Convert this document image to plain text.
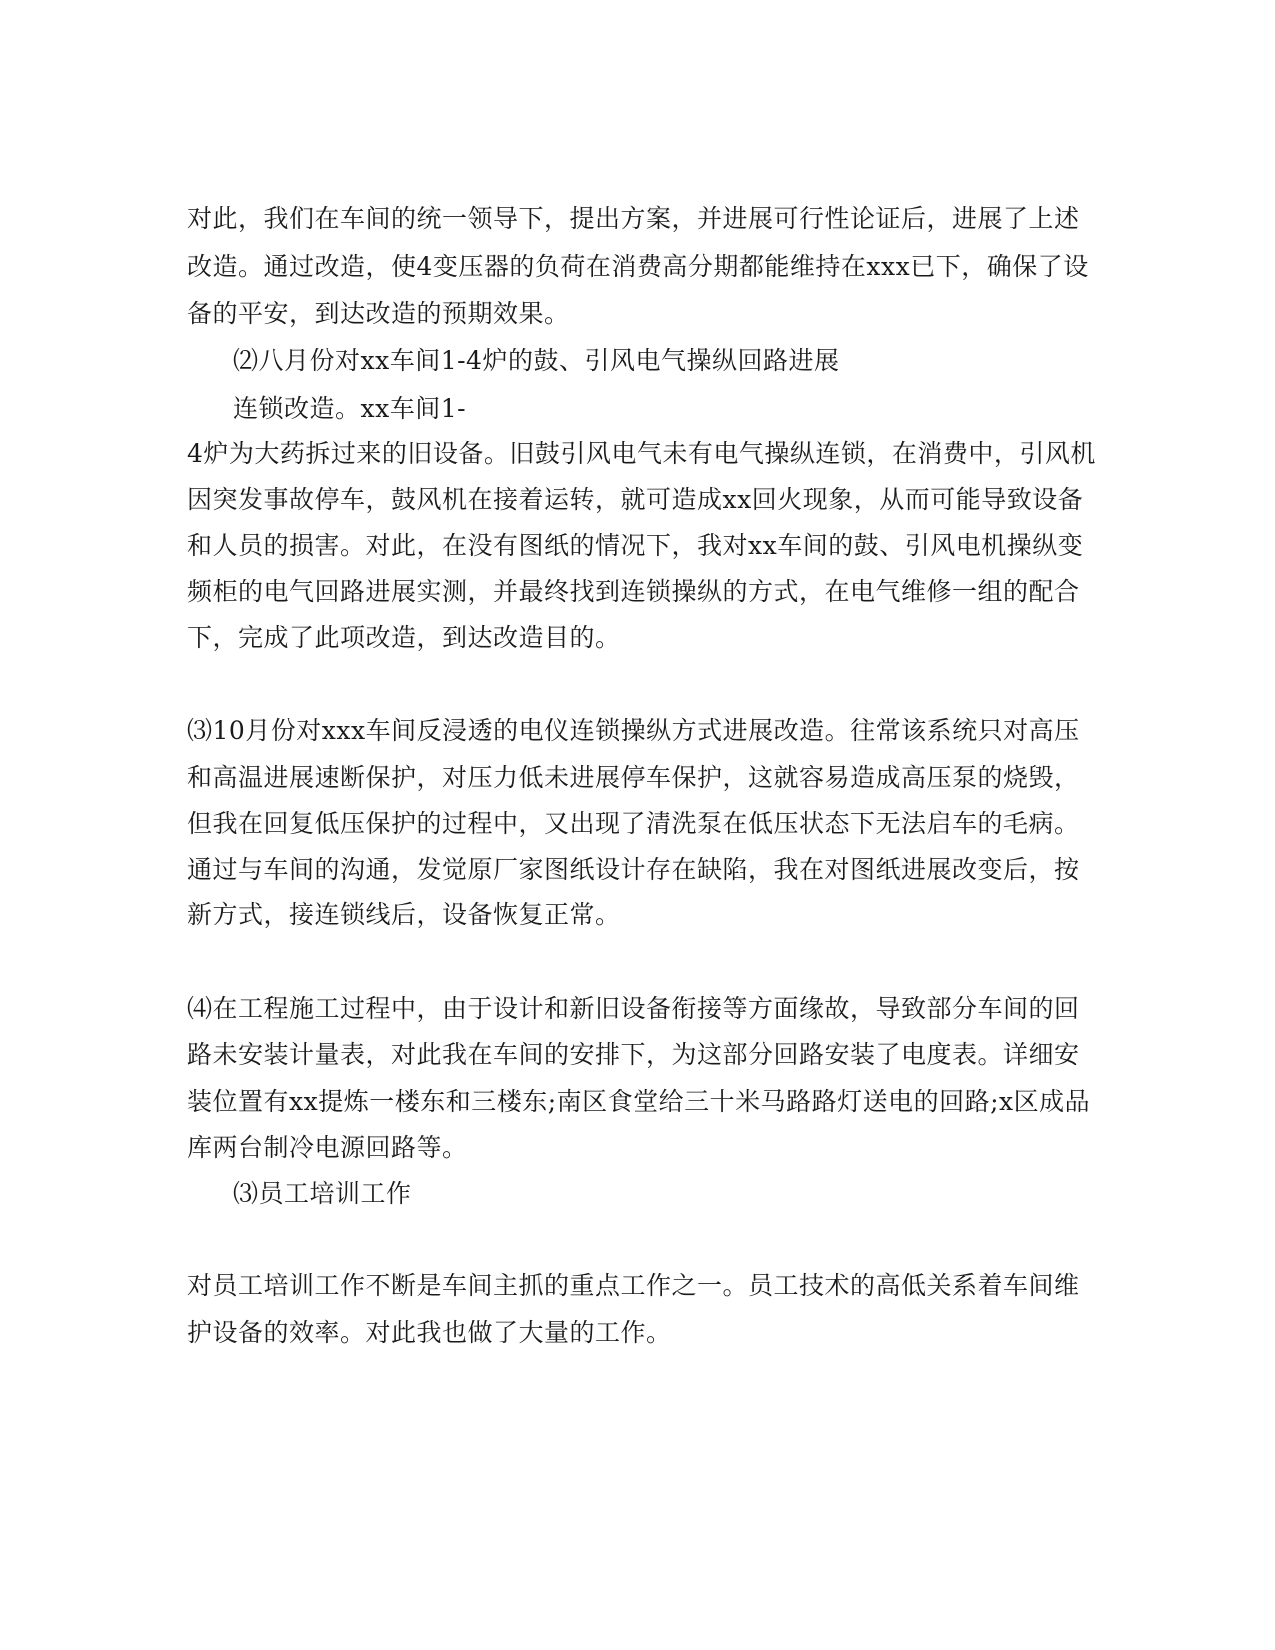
对此，我们在车间的统一领导下，提出方案，并进展可行性论证后，进展了上述
改造。通过改造，使4变压器的负荷在消费高分期都能维持在xxx已下，确保了设
备的平安，到达改造的预期效果。
⑵八月份对xx车间1-4炉的鼓、引风电气操纵回路进展
连锁改造。xx车间1-
4炉为大药拆过来的旧设备。旧鼓引风电气未有电气操纵连锁，在消费中，引风机
因突发事故停车，鼓风机在接着运转，就可造成xx回火现象，从而可能导致设备
和人员的损害。对此，在没有图纸的情况下，我对xx车间的鼓、引风电机操纵变
频柜的电气回路进展实测，并最终找到连锁操纵的方式，在电气维修一组的配合
下，完成了此项改造，到达改造目的。
⑶10月份对xxx车间反浸透的电仪连锁操纵方式进展改造。往常该系统只对高压
和高温进展速断保护，对压力低未进展停车保护，这就容易造成高压泵的烧毁，
但我在回复低压保护的过程中，又出现了清洗泵在低压状态下无法启车的毛病。
通过与车间的沟通，发觉原厂家图纸设计存在缺陷，我在对图纸进展改变后，按
新方式，接连锁线后，设备恢复正常。
⑷在工程施工过程中，由于设计和新旧设备衔接等方面缘故，导致部分车间的回
路未安装计量表，对此我在车间的安排下，为这部分回路安装了电度表。详细安
装位置有xx提炼一楼东和三楼东;南区食堂给三十米马路路灯送电的回路;x区成品
库两台制冷电源回路等。
⑶员工培训工作
对员工培训工作不断是车间主抓的重点工作之一。员工技术的高低关系着车间维
护设备的效率。对此我也做了大量的工作。
